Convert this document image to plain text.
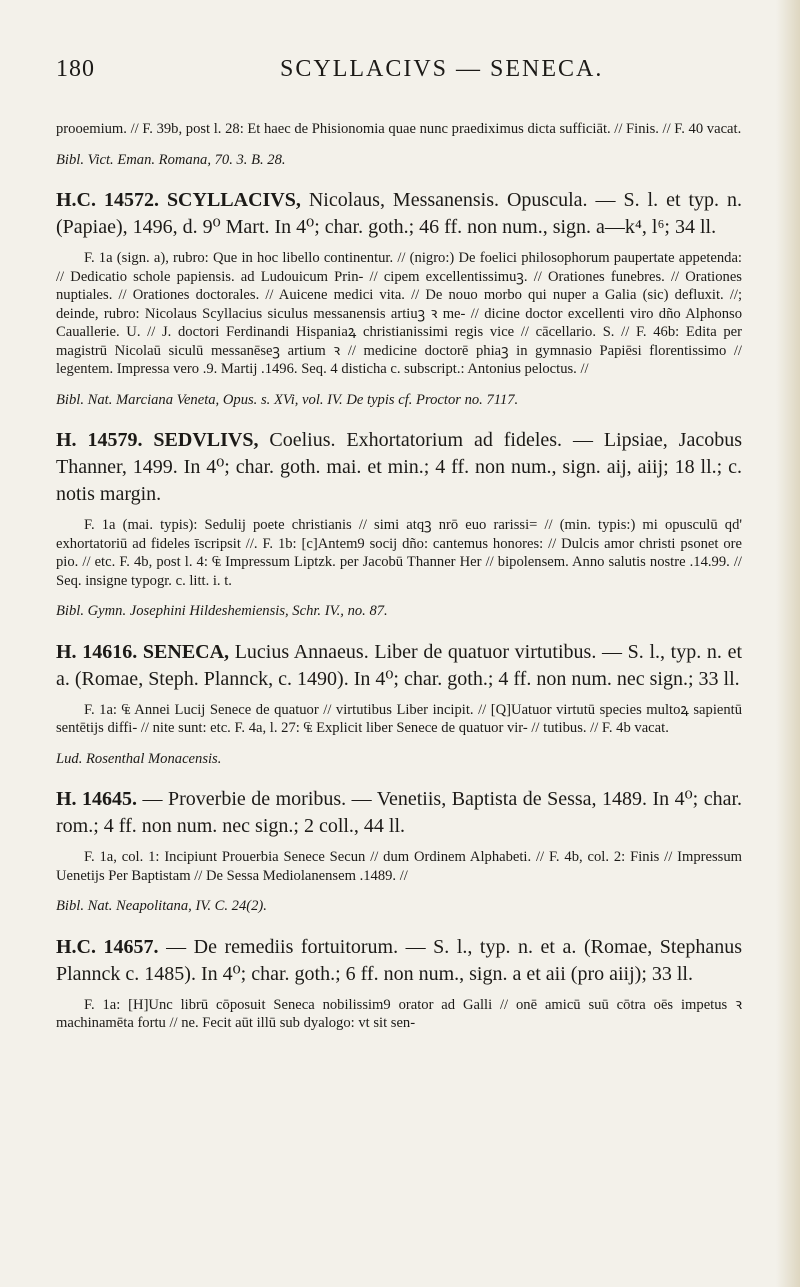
180	SCYLLACIVS — SENECA.

prooemium. // F. 39b, post l. 28: Et haec de Phisionomia quae nunc praediximus dicta sufficiāt. // Finis. // F. 40 vacat.

Bibl. Vict. Eman. Romana, 70. 3. B. 28.

H.C. 14572. SCYLLACIVS, Nicolaus, Messanensis. Opuscula. — S. l. et typ. n. (Papiae), 1496, d. 9⁰ Mart. In 4⁰; char. goth.; 46 ff. non num., sign. a—k⁴, l⁶; 34 ll.

F. 1a (sign. a), rubro: Que in hoc libello continentur. // (nigro:) De foelici philosophorum paupertate appetenda: // Dedicatio schole papiensis. ad Ludouicum Prin- // cipem excellentissimuꝫ. // Orationes funebres. // Orationes nuptiales. // Orationes doctorales. // Auicene medici vita. // De nouo morbo qui nuper a Galia (sic) defluxit. //; deinde, rubro: Nicolaus Scyllacius siculus messanensis artiuꝫ ꝛ me- // dicine doctor excellenti viro dño Alphonso Cauallerie. U. // J. doctori Ferdinandi Hispaniaꝝ christianissimi regis vice // cācellario. S. // F. 46b: Edita per magistrū Nicolaū siculū messanēseꝫ artium ꝛ // medicine doctorē phiaꝫ in gymnasio Papiēsi florentissimo // legentem. Impressa vero .9. Martij .1496. Seq. 4 disticha c. subscript.: Antonius peloctus. //

Bibl. Nat. Marciana Veneta, Opus. s. XVi, vol. IV. De typis cf. Proctor no. 7117.

H. 14579. SEDVLIVS, Coelius. Exhortatorium ad fideles. — Lipsiae, Jacobus Thanner, 1499. In 4⁰; char. goth. mai. et min.; 4 ff. non num., sign. aij, aiij; 18 ll.; c. notis margin.

F. 1a (mai. typis): Sedulij poete christianis // simi atqꝫ nrō euo rarissi= // (min. typis:) mi opusculū qd' exhortatoriū ad fideles īscripsit //. F. 1b: [c]Antem9 socij dño: cantemus honores: // Dulcis amor christi psonet ore pio. // etc. F. 4b, post l. 4: ₠ Impressum Liptzk. per Jacobū Thanner Her // bipolensem. Anno salutis nostre .14.99. // Seq. insigne typogr. c. litt. i. t.

Bibl. Gymn. Josephini Hildeshemiensis, Schr. IV., no. 87.

H. 14616. SENECA, Lucius Annaeus. Liber de quatuor virtutibus. — S. l., typ. n. et a. (Romae, Steph. Plannck, c. 1490). In 4⁰; char. goth.; 4 ff. non num. nec sign.; 33 ll.

F. 1a: ₠ Annei Lucij Senece de quatuor // virtutibus Liber incipit. // [Q]Uatuor virtutū species multoꝝ sapientū sentētijs diffi- // nite sunt: etc. F. 4a, l. 27: ₠ Explicit liber Senece de quatuor vir- // tutibus. // F. 4b vacat.

Lud. Rosenthal Monacensis.

H. 14645. — Proverbie de moribus. — Venetiis, Baptista de Sessa, 1489. In 4⁰; char. rom.; 4 ff. non num. nec sign.; 2 coll., 44 ll.

F. 1a, col. 1: Incipiunt Prouerbia Senece Secun // dum Ordinem Alphabeti. // F. 4b, col. 2: Finis // Impressum Uenetijs Per Baptistam // De Sessa Mediolanensem .1489. //

Bibl. Nat. Neapolitana, IV. C. 24(2).

H.C. 14657. — De remediis fortuitorum. — S. l., typ. n. et a. (Romae, Stephanus Plannck c. 1485). In 4⁰; char. goth.; 6 ff. non num., sign. a et aii (pro aiij); 33 ll.

F. 1a: [H]Unc librū cōposuit Seneca nobilissim9 orator ad Galli // onē amicū suū cōtra oēs impetus ꝛ machinamēta fortu // ne. Fecit aūt illū sub dyalogo: vt sit sen-
